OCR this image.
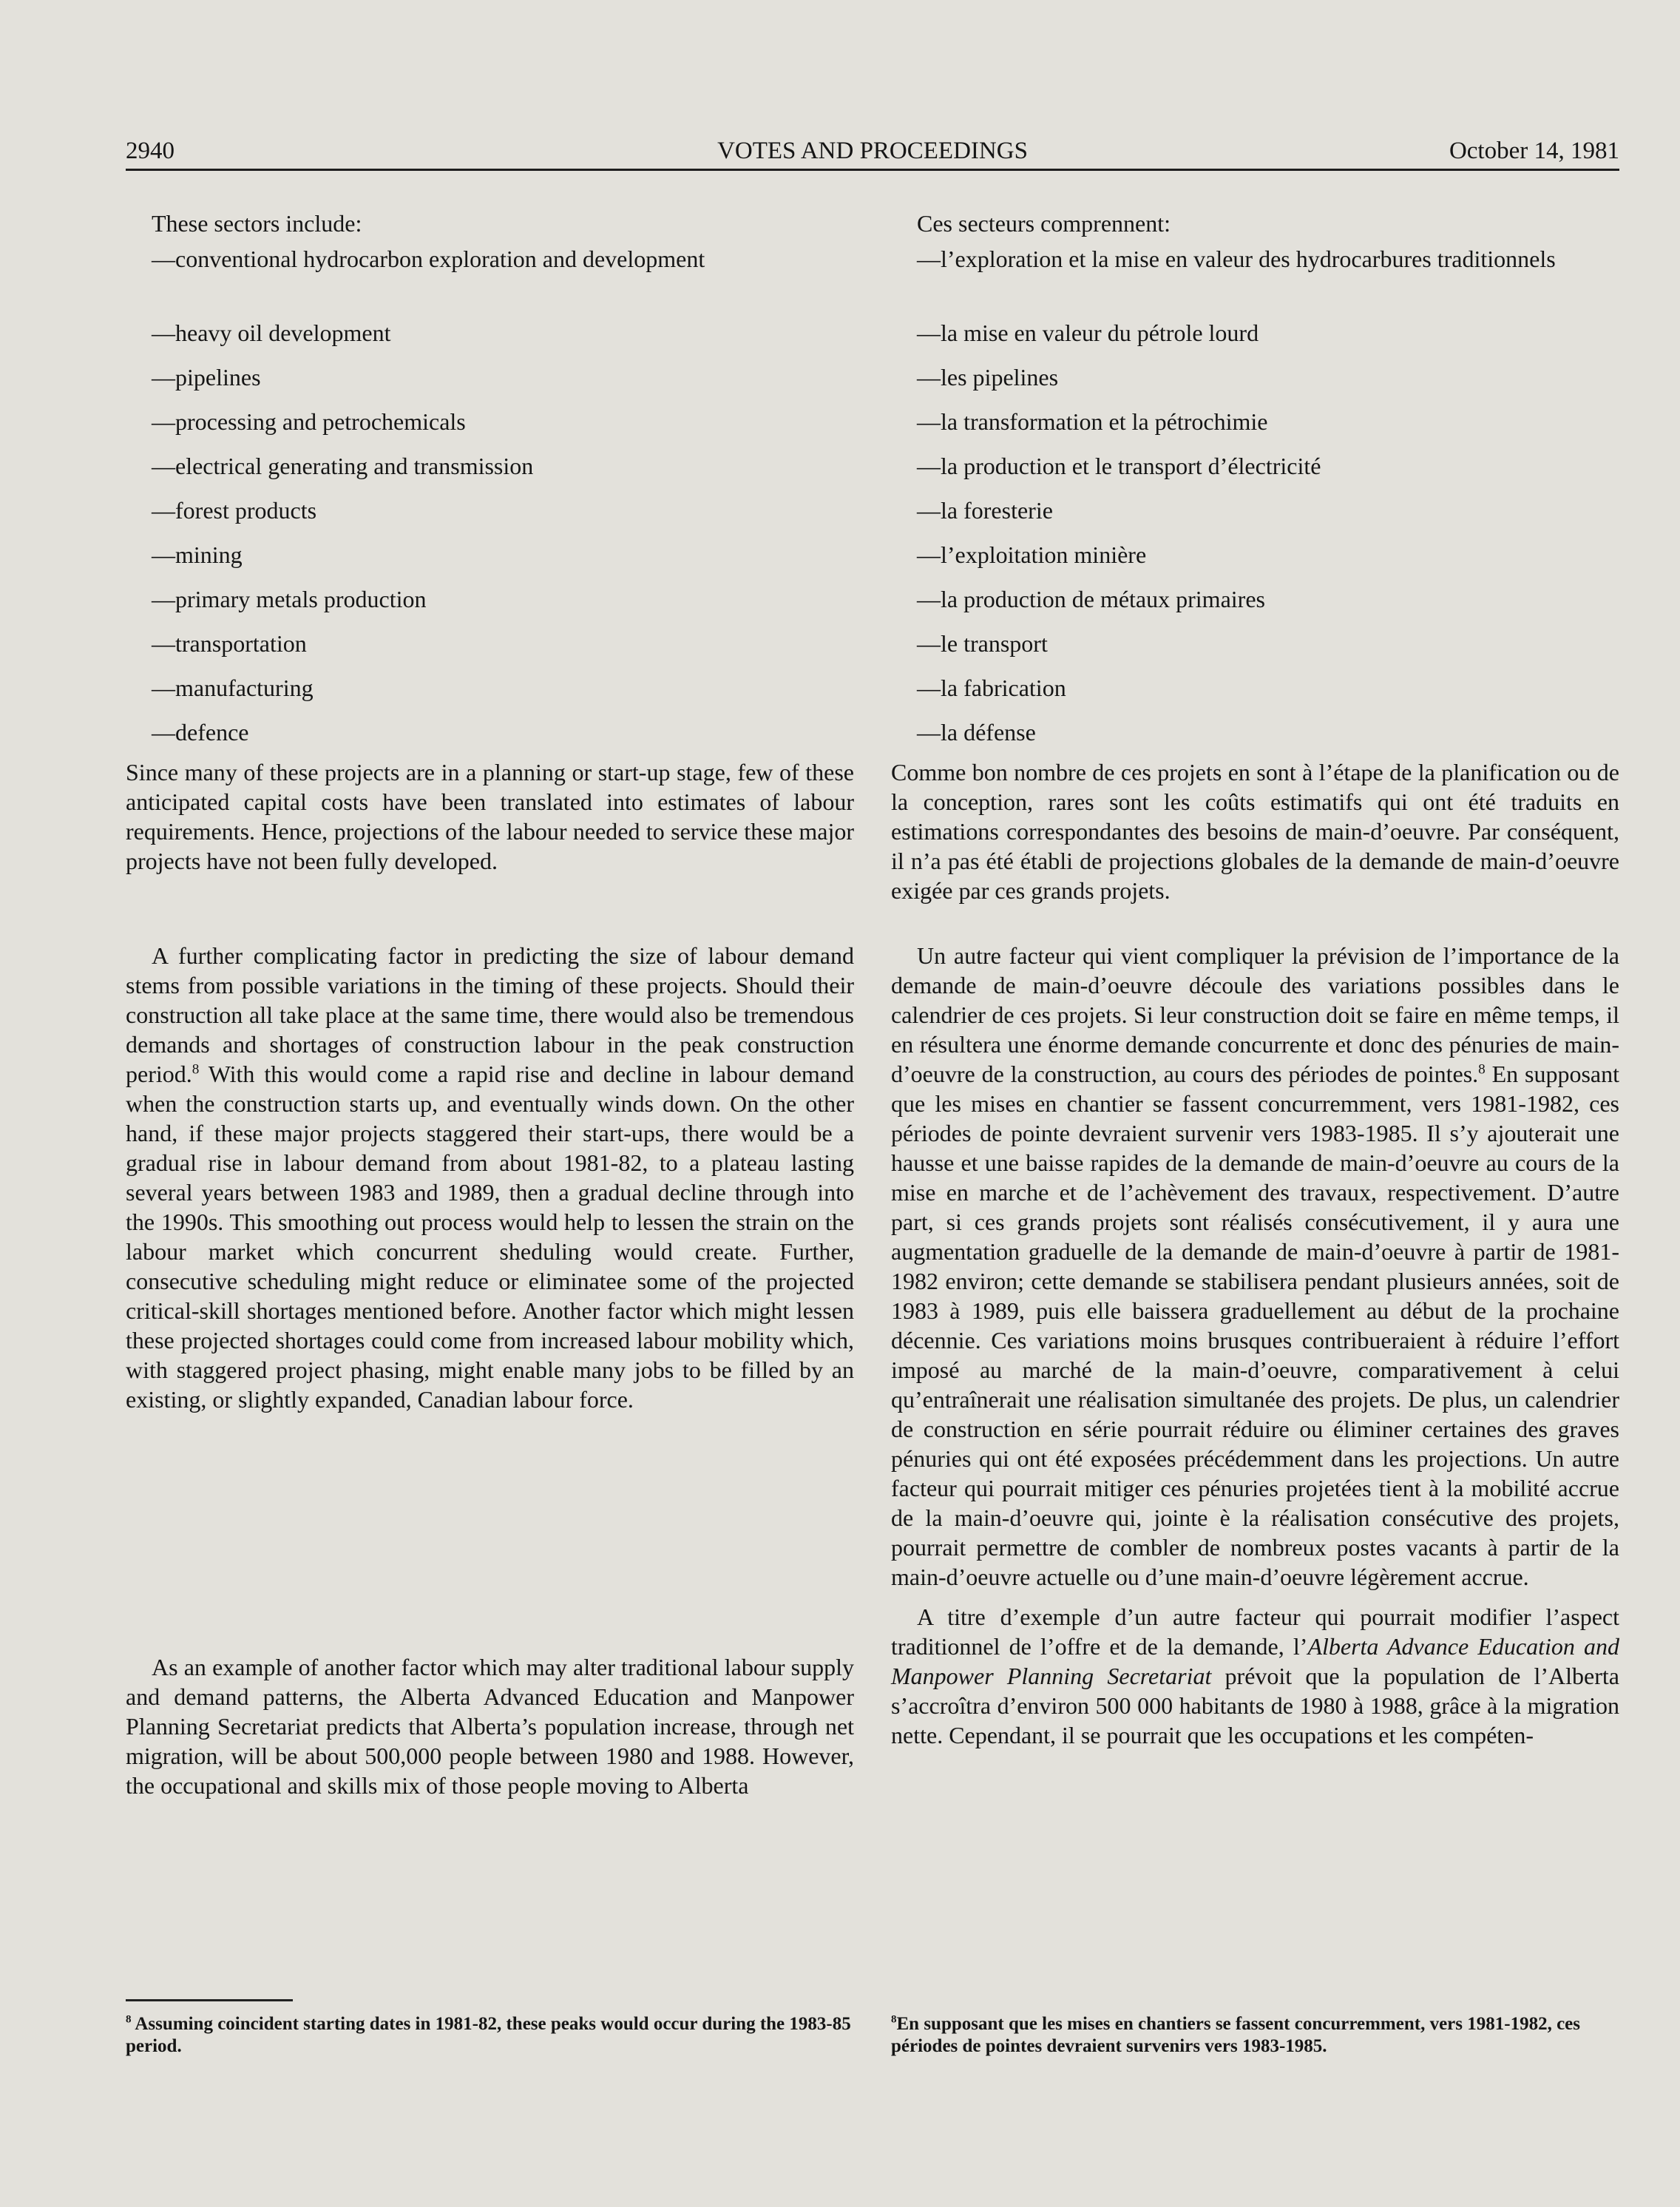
2940	VOTES AND PROCEEDINGS	October 14, 1981

These sectors include:

—conventional hydrocarbon exploration and development

—heavy oil development

—pipelines

—processing and petrochemicals

—electrical generating and transmission

—forest products

—mining

—primary metals production

—transportation

—manufacturing

—defence

Since many of these projects are in a planning or start-up stage, few of these anticipated capital costs have been translated into estimates of labour requirements. Hence, projections of the labour needed to service these major projects have not been fully developed.

A further complicating factor in predicting the size of labour demand stems from possible variations in the timing of these projects. Should their construction all take place at the same time, there would also be tremendous demands and shortages of construction labour in the peak construction period.$^8$ With this would come a rapid rise and decline in labour demand when the construction starts up, and eventually winds down. On the other hand, if these major projects staggered their start-ups, there would be a gradual rise in labour demand from about 1981-82, to a plateau lasting several years between 1983 and 1989, then a gradual decline through into the 1990s. This smoothing out process would help to lessen the strain on the labour market which concurrent sheduling would create. Further, consecutive scheduling might reduce or eliminatee some of the projected critical-skill shortages mentioned before. Another factor which might lessen these projected shortages could come from increased labour mobility which, with staggered project phasing, might enable many jobs to be filled by an existing, or slightly expanded, Canadian labour force.

As an example of another factor which may alter traditional labour supply and demand patterns, the Alberta Advanced Education and Manpower Planning Secretariat predicts that Alberta’s population increase, through net migration, will be about 500,000 people between 1980 and 1988. However, the occupational and skills mix of those people moving to Alberta

Ces secteurs comprennent:

—l’exploration et la mise en valeur des hydrocarbures traditionnels

—la mise en valeur du pétrole lourd

—les pipelines

—la transformation et la pétrochimie

—la production et le transport d’électricité

—la foresterie

—l’exploitation minière

—la production de métaux primaires

—le transport

—la fabrication

—la défense

Comme bon nombre de ces projets en sont à l’étape de la planification ou de la conception, rares sont les coûts estimatifs qui ont été traduits en estimations correspondantes des besoins de main-d’oeuvre. Par conséquent, il n’a pas été établi de projections globales de la demande de main-d’oeuvre exigée par ces grands projets.

Un autre facteur qui vient compliquer la prévision de l’importance de la demande de main-d’oeuvre découle des variations possibles dans le calendrier de ces projets. Si leur construction doit se faire en même temps, il en résultera une énorme demande concurrente et donc des pénuries de main-d’oeuvre de la construction, au cours des périodes de pointes.$^8$ En supposant que les mises en chantier se fassent concurremment, vers 1981-1982, ces périodes de pointe devraient survenir vers 1983-1985. Il s’y ajouterait une hausse et une baisse rapides de la demande de main-d’oeuvre au cours de la mise en marche et de l’achèvement des travaux, respectivement. D’autre part, si ces grands projets sont réalisés consécutivement, il y aura une augmentation graduelle de la demande de main-d’oeuvre à partir de 1981-1982 environ; cette demande se stabilisera pendant plusieurs années, soit de 1983 à 1989, puis elle baissera graduellement au début de la prochaine décennie. Ces variations moins brusques contribueraient à réduire l’effort imposé au marché de la main-d’oeuvre, comparativement à celui qu’entraînerait une réalisation simultanée des projets. De plus, un calendrier de construction en série pourrait réduire ou éliminer certaines des graves pénuries qui ont été exposées précédemment dans les projections. Un autre facteur qui pourrait mitiger ces pénuries projetées tient à la mobilité accrue de la main-d’oeuvre qui, jointe è la réalisation consécutive des projets, pourrait permettre de combler de nombreux postes vacants à partir de la main-d’oeuvre actuelle ou d’une main-d’oeuvre légèrement accrue.

A titre d’exemple d’un autre facteur qui pourrait modifier l’aspect traditionnel de l’offre et de la demande, l’Alberta Advance Education and Manpower Planning Secretariat prévoit que la population de l’Alberta s’accroîtra d’environ 500 000 habitants de 1980 à 1988, grâce à la migration nette. Cependant, il se pourrait que les occupations et les compéten-

$^8$ Assuming coincident starting dates in 1981-82, these peaks would occur during the 1983-85 period.
$^8$En supposant que les mises en chantiers se fassent concurremment, vers 1981-1982, ces périodes de pointes devraient survenirs vers 1983-1985.
